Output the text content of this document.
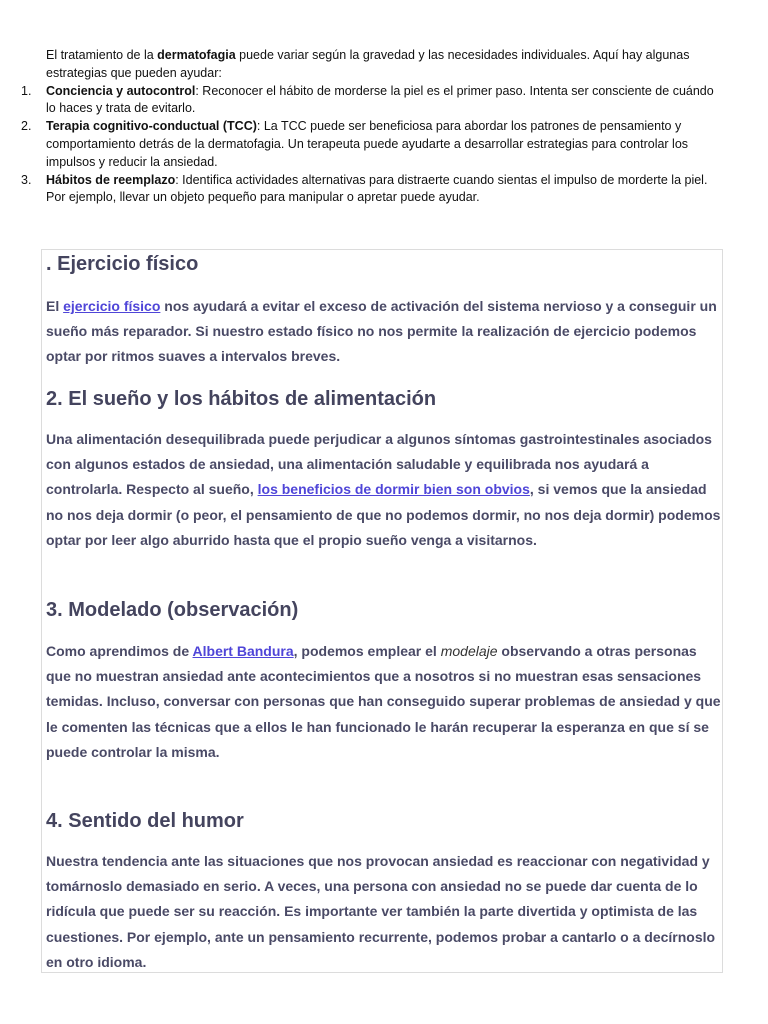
El tratamiento de la dermatofagia puede variar según la gravedad y las necesidades individuales. Aquí hay algunas estrategias que pueden ayudar:

1. Conciencia y autocontrol: Reconocer el hábito de morderse la piel es el primer paso. Intenta ser consciente de cuándo lo haces y trata de evitarlo.
2. Terapia cognitivo-conductual (TCC): La TCC puede ser beneficiosa para abordar los patrones de pensamiento y comportamiento detrás de la dermatofagia. Un terapeuta puede ayudarte a desarrollar estrategias para controlar los impulsos y reducir la ansiedad.
3. Hábitos de reemplazo: Identifica actividades alternativas para distraerte cuando sientas el impulso de morderte la piel. Por ejemplo, llevar un objeto pequeño para manipular o apretar puede ayudar.
. Ejercicio físico

El ejercicio físico nos ayudará a evitar el exceso de activación del sistema nervioso y a conseguir un sueño más reparador. Si nuestro estado físico no nos permite la realización de ejercicio podemos optar por ritmos suaves a intervalos breves.

2. El sueño y los hábitos de alimentación

Una alimentación desequilibrada puede perjudicar a algunos síntomas gastrointestinales asociados con algunos estados de ansiedad, una alimentación saludable y equilibrada nos ayudará a controlarla. Respecto al sueño, los beneficios de dormir bien son obvios, si vemos que la ansiedad no nos deja dormir (o peor, el pensamiento de que no podemos dormir, no nos deja dormir) podemos optar por leer algo aburrido hasta que el propio sueño venga a visitarnos.

3. Modelado (observación)

Como aprendimos de Albert Bandura, podemos emplear el modelaje observando a otras personas que no muestran ansiedad ante acontecimientos que a nosotros si no muestran esas sensaciones temidas. Incluso, conversar con personas que han conseguido superar problemas de ansiedad y que le comenten las técnicas que a ellos le han funcionado le harán recuperar la esperanza en que sí se puede controlar la misma.

4. Sentido del humor

Nuestra tendencia ante las situaciones que nos provocan ansiedad es reaccionar con negatividad y tomárnoslo demasiado en serio. A veces, una persona con ansiedad no se puede dar cuenta de lo ridícula que puede ser su reacción. Es importante ver también la parte divertida y optimista de las cuestiones. Por ejemplo, ante un pensamiento recurrente, podemos probar a cantarlo o a decírnoslo en otro idioma.
